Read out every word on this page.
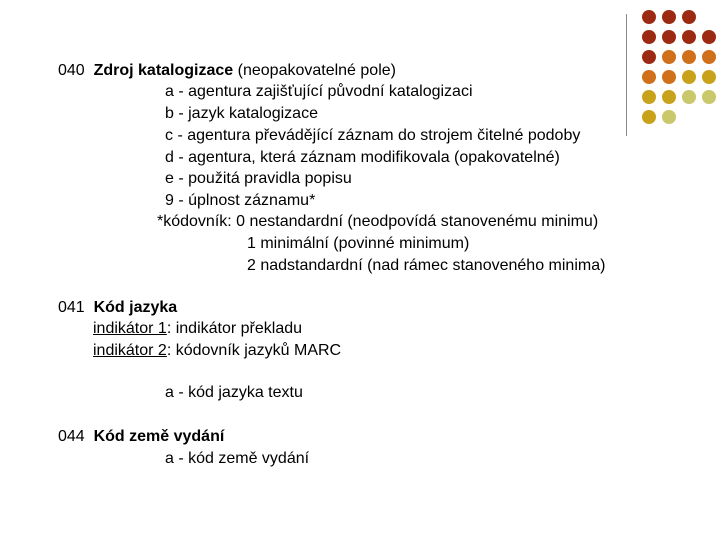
040 Zdroj katalogizace (neopakovatelné pole)
a - agentura zajišťující původní katalogizaci
b - jazyk katalogizace
c - agentura převádějící záznam do strojem čitelné podoby
d - agentura, která záznam modifikovala (opakovatelné)
e - použitá pravidla popisu
9 - úplnost záznamu*
*kódovník: 0 nestandardní (neodpovídá stanovenému minimu)
1 minimální (povinné minimum)
2 nadstandardní (nad rámec stanoveného minima)
041 Kód jazyka
indikátor 1: indikátor překladu
indikátor 2: kódovník jazyků MARC
a - kód jazyka textu
044 Kód země vydání
a - kód země vydání
